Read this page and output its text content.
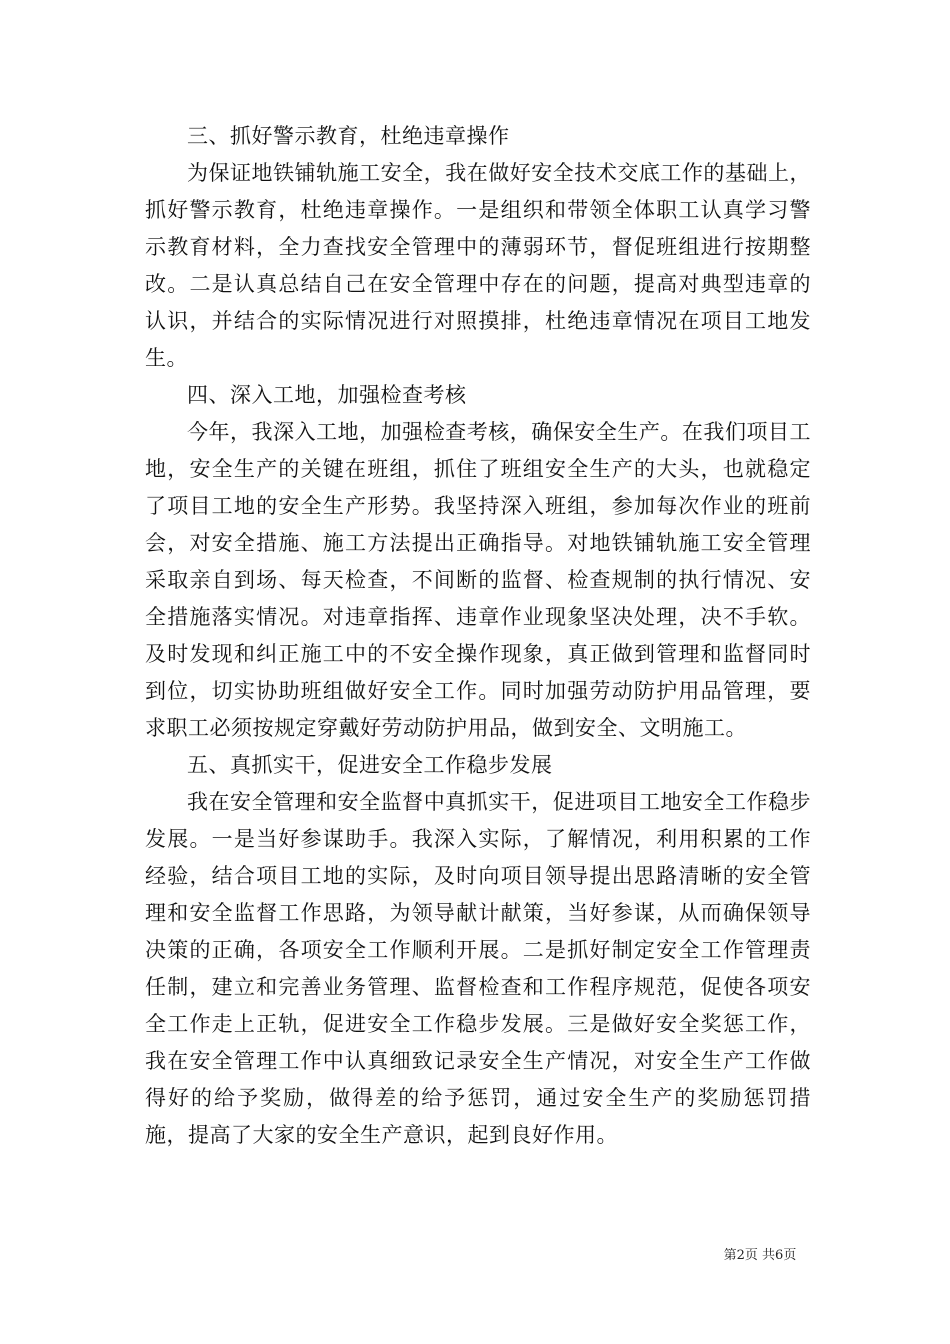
三、抓好警示教育，杜绝违章操作

为保证地铁铺轨施工安全，我在做好安全技术交底工作的基础上，抓好警示教育，杜绝违章操作。一是组织和带领全体职工认真学习警示教育材料，全力查找安全管理中的薄弱环节，督促班组进行按期整改。二是认真总结自己在安全管理中存在的问题，提高对典型违章的认识，并结合的实际情况进行对照摸排，杜绝违章情况在项目工地发生。

四、深入工地，加强检查考核

今年，我深入工地，加强检查考核，确保安全生产。在我们项目工地，安全生产的关键在班组，抓住了班组安全生产的大头，也就稳定了项目工地的安全生产形势。我坚持深入班组，参加每次作业的班前会，对安全措施、施工方法提出正确指导。对地铁铺轨施工安全管理采取亲自到场、每天检查，不间断的监督、检查规制的执行情况、安全措施落实情况。对违章指挥、违章作业现象坚决处理，决不手软。及时发现和纠正施工中的不安全操作现象，真正做到管理和监督同时到位，切实协助班组做好安全工作。同时加强劳动防护用品管理，要求职工必须按规定穿戴好劳动防护用品，做到安全、文明施工。

五、真抓实干，促进安全工作稳步发展

我在安全管理和安全监督中真抓实干，促进项目工地安全工作稳步发展。一是当好参谋助手。我深入实际，了解情况，利用积累的工作经验，结合项目工地的实际，及时向项目领导提出思路清晰的安全管理和安全监督工作思路，为领导献计献策，当好参谋，从而确保领导决策的正确，各项安全工作顺利开展。二是抓好制定安全工作管理责任制，建立和完善业务管理、监督检查和工作程序规范，促使各项安全工作走上正轨，促进安全工作稳步发展。三是做好安全奖惩工作，我在安全管理工作中认真细致记录安全生产情况，对安全生产工作做得好的给予奖励，做得差的给予惩罚，通过安全生产的奖励惩罚措施，提高了大家的安全生产意识，起到良好作用。

第2页 共6页
